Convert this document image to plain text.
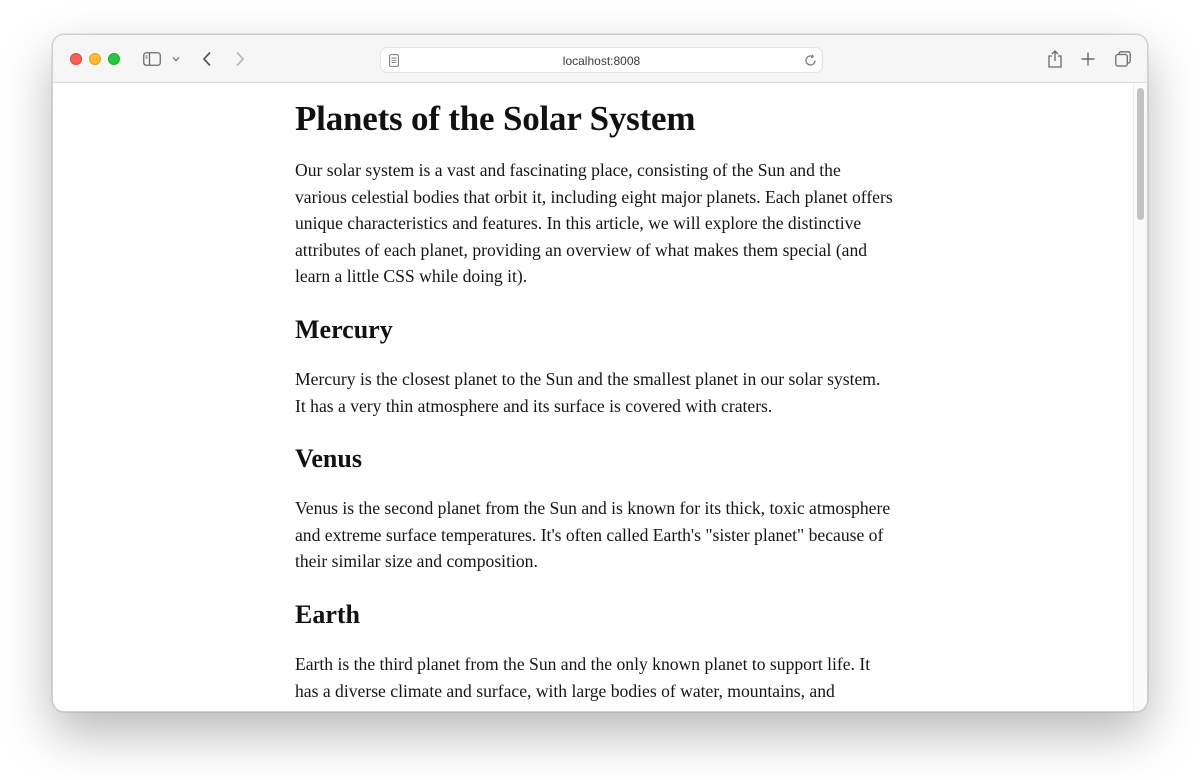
localhost:8008
Planets of the Solar System

Our solar system is a vast and fascinating place, consisting of the Sun and the various celestial bodies that orbit it, including eight major planets. Each planet offers unique characteristics and features. In this article, we will explore the distinctive attributes of each planet, providing an overview of what makes them special (and learn a little CSS while doing it).

Mercury

Mercury is the closest planet to the Sun and the smallest planet in our solar system. It has a very thin atmosphere and its surface is covered with craters.

Venus

Venus is the second planet from the Sun and is known for its thick, toxic atmosphere and extreme surface temperatures. It's often called Earth's "sister planet" because of their similar size and composition.

Earth

Earth is the third planet from the Sun and the only known planet to support life. It has a diverse climate and surface, with large bodies of water, mountains, and
